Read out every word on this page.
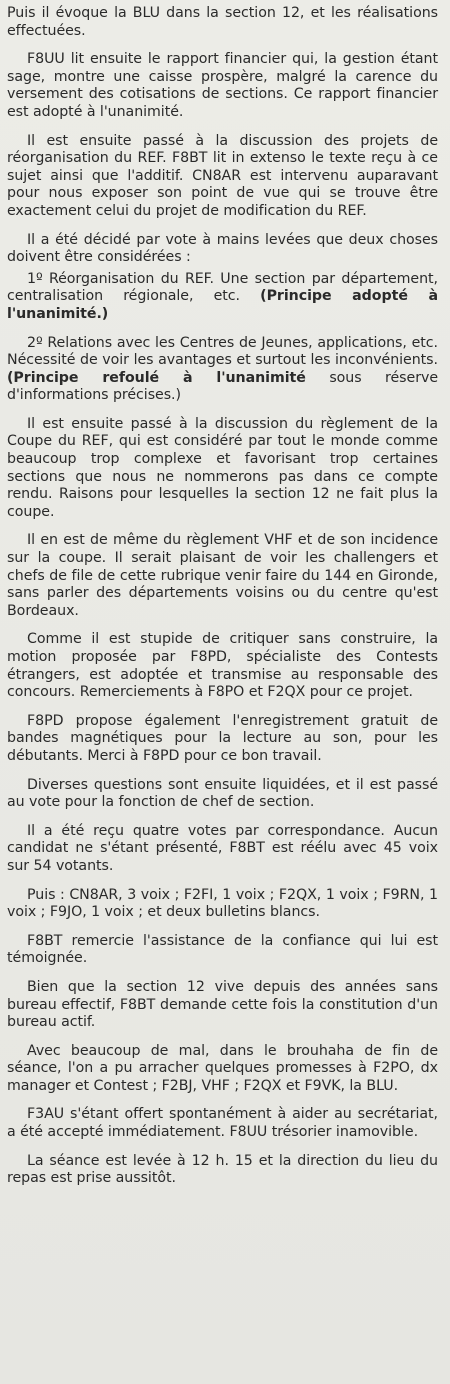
Puis il évoque la BLU dans la section 12, et les réalisations effectuées.

F8UU lit ensuite le rapport financier qui, la gestion étant sage, montre une caisse prospère, malgré la carence du versement des cotisations de sections. Ce rapport financier est adopté à l'unanimité.

Il est ensuite passé à la discussion des projets de réorganisation du REF. F8BT lit in extenso le texte reçu à ce sujet ainsi que l'additif. CN8AR est intervenu auparavant pour nous exposer son point de vue qui se trouve être exactement celui du projet de modification du REF.

Il a été décidé par vote à mains levées que deux choses doivent être considérées :

1º Réorganisation du REF. Une section par département, centralisation régionale, etc. (Principe adopté à l'unanimité.)

2º Relations avec les Centres de Jeunes, applications, etc. Nécessité de voir les avantages et surtout les inconvénients. (Principe refoulé à l'unanimité sous réserve d'informations précises.)

Il est ensuite passé à la discussion du règlement de la Coupe du REF, qui est considéré par tout le monde comme beaucoup trop complexe et favorisant trop certaines sections que nous ne nommerons pas dans ce compte rendu. Raisons pour lesquelles la section 12 ne fait plus la coupe.

Il en est de même du règlement VHF et de son incidence sur la coupe. Il serait plaisant de voir les challengers et chefs de file de cette rubrique venir faire du 144 en Gironde, sans parler des départements voisins ou du centre qu'est Bordeaux.

Comme il est stupide de critiquer sans construire, la motion proposée par F8PD, spécialiste des Contests étrangers, est adoptée et transmise au responsable des concours. Remerciements à F8PO et F2QX pour ce projet.

F8PD propose également l'enregistrement gratuit de bandes magnétiques pour la lecture au son, pour les débutants. Merci à F8PD pour ce bon travail.

Diverses questions sont ensuite liquidées, et il est passé au vote pour la fonction de chef de section.

Il a été reçu quatre votes par correspondance. Aucun candidat ne s'étant présenté, F8BT est réélu avec 45 voix sur 54 votants.

Puis : CN8AR, 3 voix ; F2FI, 1 voix ; F2QX, 1 voix ; F9RN, 1 voix ; F9JO, 1 voix ; et deux bulletins blancs.

F8BT remercie l'assistance de la confiance qui lui est témoignée.

Bien que la section 12 vive depuis des années sans bureau effectif, F8BT demande cette fois la constitution d'un bureau actif.

Avec beaucoup de mal, dans le brouhaha de fin de séance, l'on a pu arracher quelques promesses à F2PO, dx manager et Contest ; F2BJ, VHF ; F2QX et F9VK, la BLU.

F3AU s'étant offert spontanément à aider au secrétariat, a été accepté immédiatement. F8UU trésorier inamovible.

La séance est levée à 12 h. 15 et la direction du lieu du repas est prise aussitôt.
